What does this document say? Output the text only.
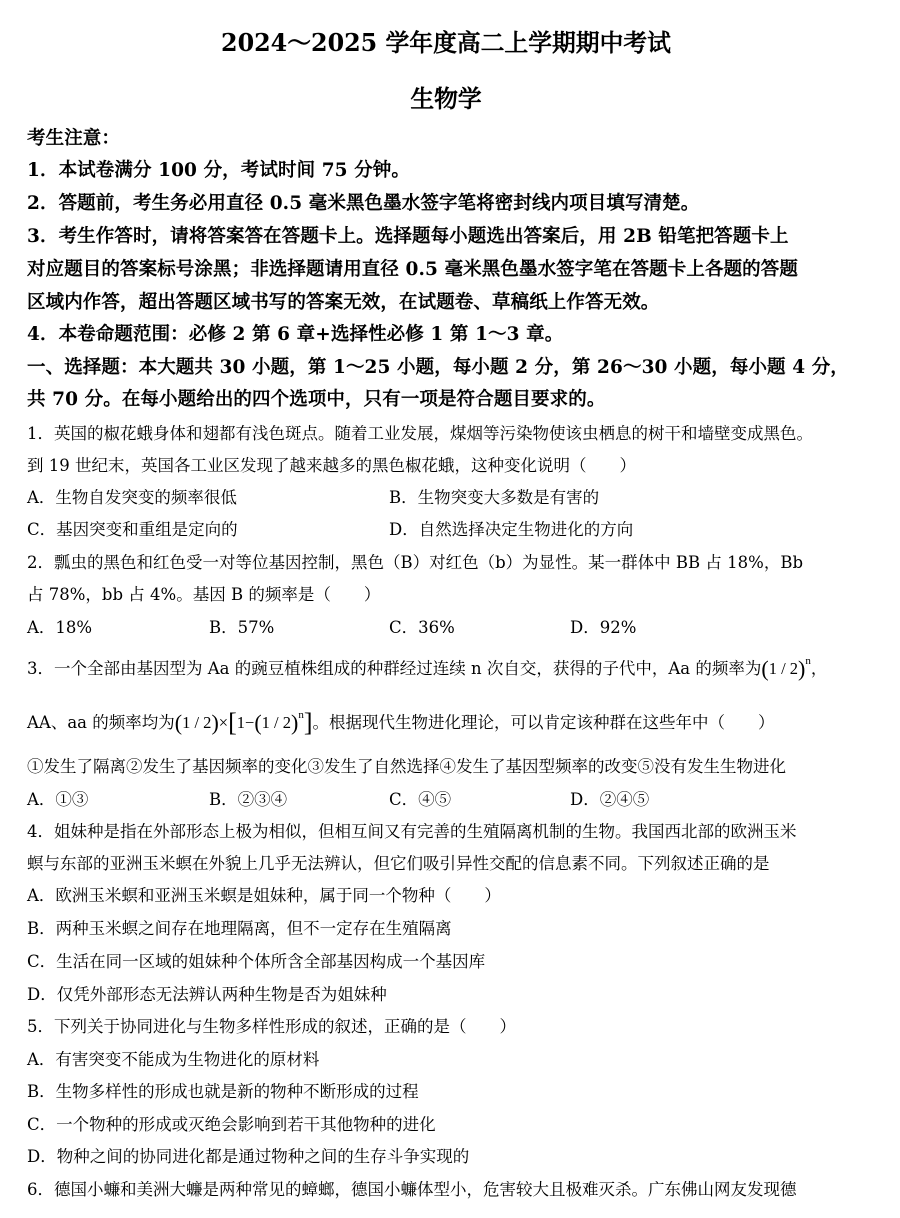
2024～2025 学年度高二上学期期中考试
生物学
考生注意：
1．本试卷满分 100 分，考试时间 75 分钟。
2．答题前，考生务必用直径 0.5 毫米黑色墨水签字笔将密封线内项目填写清楚。
3．考生作答时，请将答案答在答题卡上。选择题每小题选出答案后，用 2B 铅笔把答题卡上
对应题目的答案标号涂黑；非选择题请用直径 0.5 毫米黑色墨水签字笔在答题卡上各题的答题
区域内作答，超出答题区域书写的答案无效，在试题卷、草稿纸上作答无效。
4．本卷命题范围：必修 2 第 6 章+选择性必修 1 第 1～3 章。
一、选择题：本大题共 30 小题，第 1～25 小题，每小题 2 分，第 26～30 小题，每小题 4 分，
共 70 分。在每小题给出的四个选项中，只有一项是符合题目要求的。
1．英国的椒花蛾身体和翅都有浅色斑点。随着工业发展，煤烟等污染物使该虫栖息的树干和墙壁变成黑色。
到 19 世纪末，英国各工业区发现了越来越多的黑色椒花蛾，这种变化说明（　　）
A．生物自发突变的频率很低	B．生物突变大多数是有害的
C．基因突变和重组是定向的	D．自然选择决定生物进化的方向
2．瓢虫的黑色和红色受一对等位基因控制，黑色（B）对红色（b）为显性。某一群体中 BB 占 18%，Bb
占 78%，bb 占 4%。基因 B 的频率是（　　）
A．18%	B．57%	C．36%	D．92%
3．一个全部由基因型为 Aa 的豌豆植株组成的种群经过连续 n 次自交，获得的子代中，Aa 的频率为(1 / 2)$^n$，
AA、aa 的频率均为(1 / 2)×[1−(1 / 2)$^n$]。根据现代生物进化理论，可以肯定该种群在这些年中（　　）
①发生了隔离②发生了基因频率的变化③发生了自然选择④发生了基因型频率的改变⑤没有发生生物进化
A．①③	B．②③④	C．④⑤	D．②④⑤
4．姐妹种是指在外部形态上极为相似，但相互间又有完善的生殖隔离机制的生物。我国西北部的欧洲玉米
螟与东部的亚洲玉米螟在外貌上几乎无法辨认，但它们吸引异性交配的信息素不同。下列叙述正确的是
A．欧洲玉米螟和亚洲玉米螟是姐妹种，属于同一个物种（　　）
B．两种玉米螟之间存在地理隔离，但不一定存在生殖隔离
C．生活在同一区域的姐妹种个体所含全部基因构成一个基因库
D．仅凭外部形态无法辨认两种生物是否为姐妹种
5．下列关于协同进化与生物多样性形成的叙述，正确的是（　　）
A．有害突变不能成为生物进化的原材料
B．生物多样性的形成也就是新的物种不断形成的过程
C．一个物种的形成或灭绝会影响到若干其他物种的进化
D．物种之间的协同进化都是通过物种之间的生存斗争实现的
6．德国小蠊和美洲大蠊是两种常见的蟑螂，德国小蠊体型小，危害较大且极难灭杀。广东佛山网友发现德
